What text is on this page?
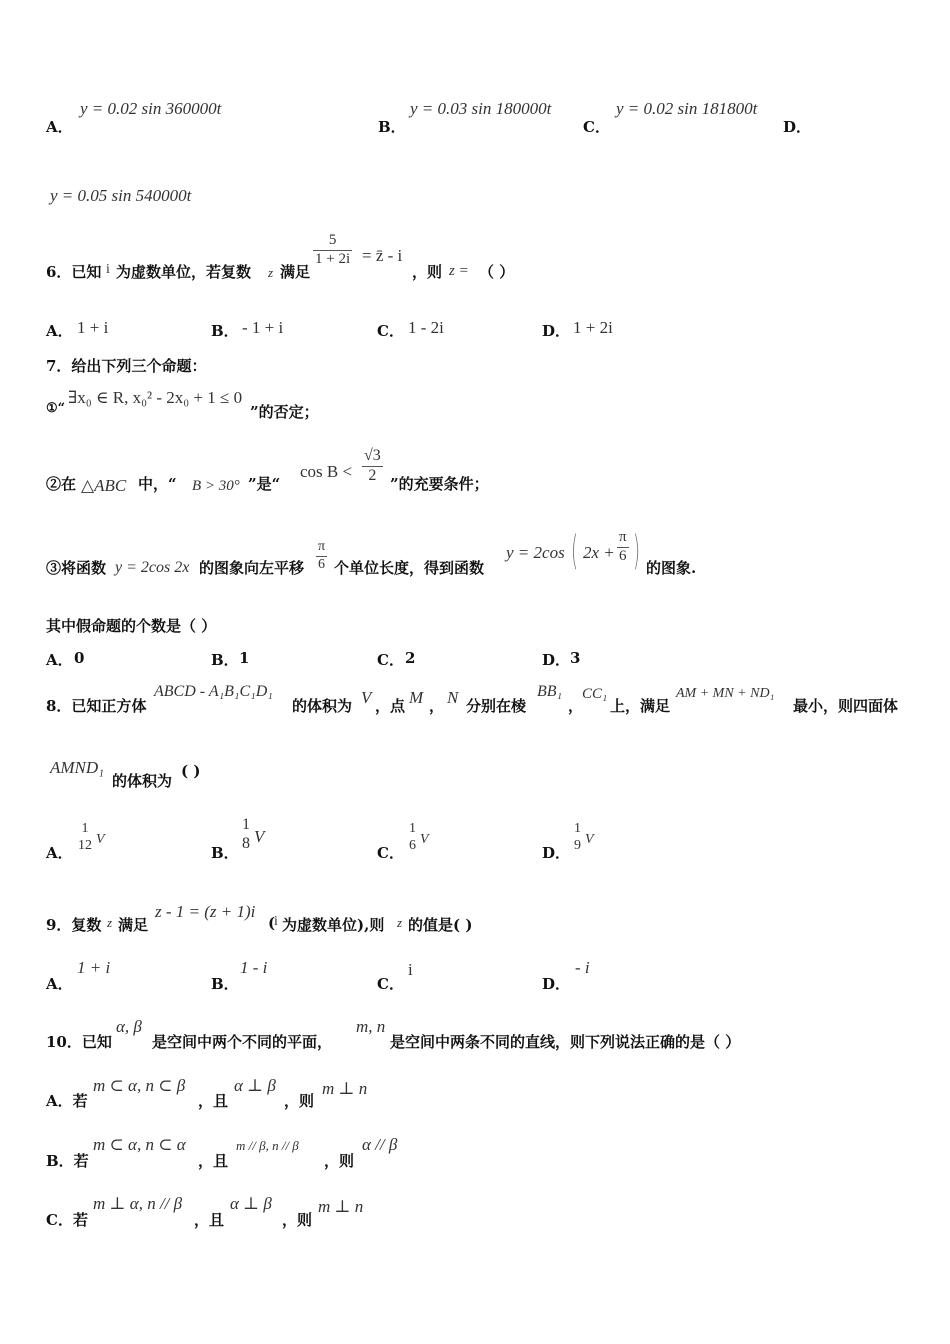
A．
y = 0.02 sin 360000t
B．
y = 0.03 sin 180000t
C．
y = 0.02 sin 181800t
D．
y = 0.05 sin 540000t
6．已知 i 为虚数单位，若复数 z 满足
$\frac{5}{1 + 2i}$ = z̄ - i
，则 z = （ ）
A． 1 + i	B． - 1 + i	C． 1 - 2i	D． 1 + 2i
7．给出下列三个命题：
①“
∃x₀ ∈ R, x₀² - 2x₀ + 1 ≤ 0
”的否定；
②在 △ABC 中，“ B > 30° ”是“
$\cos B < \frac{√3}{2}$ ”的充要条件；
③将函数 y = 2cos 2x 的图象向左平移 $\frac{\pi}{6}$ 个单位长度，得到函数
y = 2cos ( $2x + \frac{\pi}{6}$ ) 的图象.
其中假命题的个数是（ ）
A． 0	B． 1	C． 2	D． 3
8．已知正方体
ABCD - A₁B₁C₁D₁
的体积为 V ，点 M ， N 分别在棱
BB₁
，
CC₁
上，满足
AM + MN + ND₁
最小，则四面体
AMND₁
的体积为
( )
A．
1
12 V
B．
1
8 V
C．
1
6 V
D．
1
9 V
9．复数 z 满足
z - 1 = (z + 1)i
(
i 为虚数单位),则 z 的值是( )
A．
1 + i
B．
1 - i
C．
i
D．
- i
10．已知
α, β
是空间中两个不同的平面，
m, n
是空间中两条不同的直线，则下列说法正确的是（ ）
A．若
m ⊂ α, n ⊂ β
，且
α ⊥ β
，则
m ⊥ n
B．若
m ⊂ α, n ⊂ α
，且
m // β, n // β
，则
α // β
C．若
m ⊥ α, n // β
，且
α ⊥ β
，则
m ⊥ n
